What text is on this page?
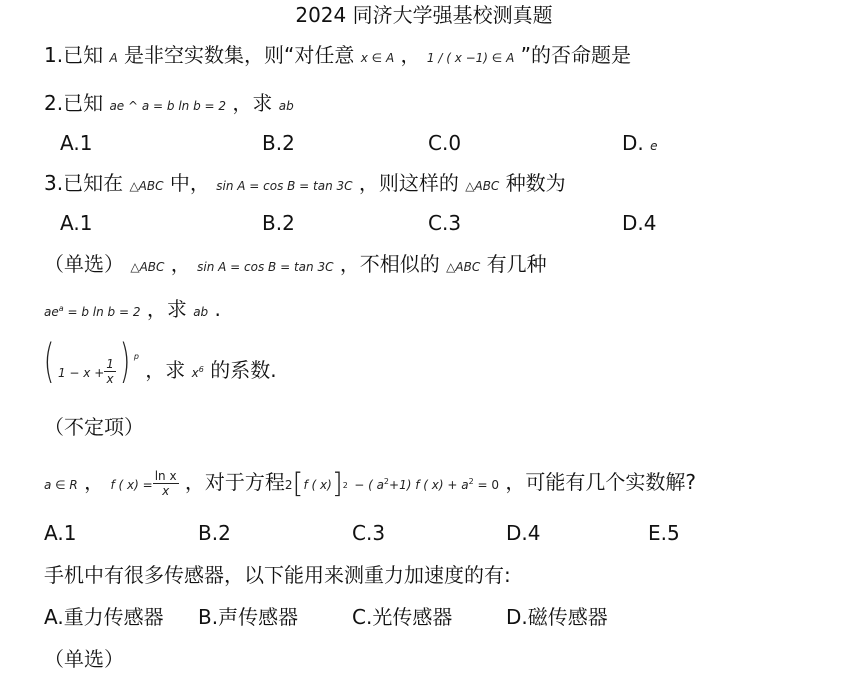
2024 同济大学强基校测真题
1.已知 A 是非空实数集，则“对任意 x ∈ A ， 1 / ( x −1) ∈ A ”的否命题是
2.已知 ae ^ a = b ln b = 2 ，求 ab
A.1	B.2	C.0	D. e
3.已知在 △ABC 中， sin A = cos B = tan 3C ，则这样的 △ABC 种数为
A.1	B.2	C.3	D.4
（单选） △ABC ， sin A = cos B = tan 3C ，不相似的 △ABC 有几种
$ae^a = b$ ln b = 2 ，求 ab .
( $1 - x + \frac{1}{x}$ ) $^p$ ，求 $x^6$ 的系数.
（不定项）
a ∈ R ， f ( $x) = \frac{\text{ln x}}{x}$ ，对于方程2[f ( x)]$^2$ − ( $a^2+1$) f ( $x) + a^2 = 0$ ，可能有几个实数解?
A.1	B.2	C.3	D.4	E.5
手机中有很多传感器，以下能用来测重力加速度的有:
A.重力传感器 B.声传感器	C.光传感器	D.磁传感器
（单选）
